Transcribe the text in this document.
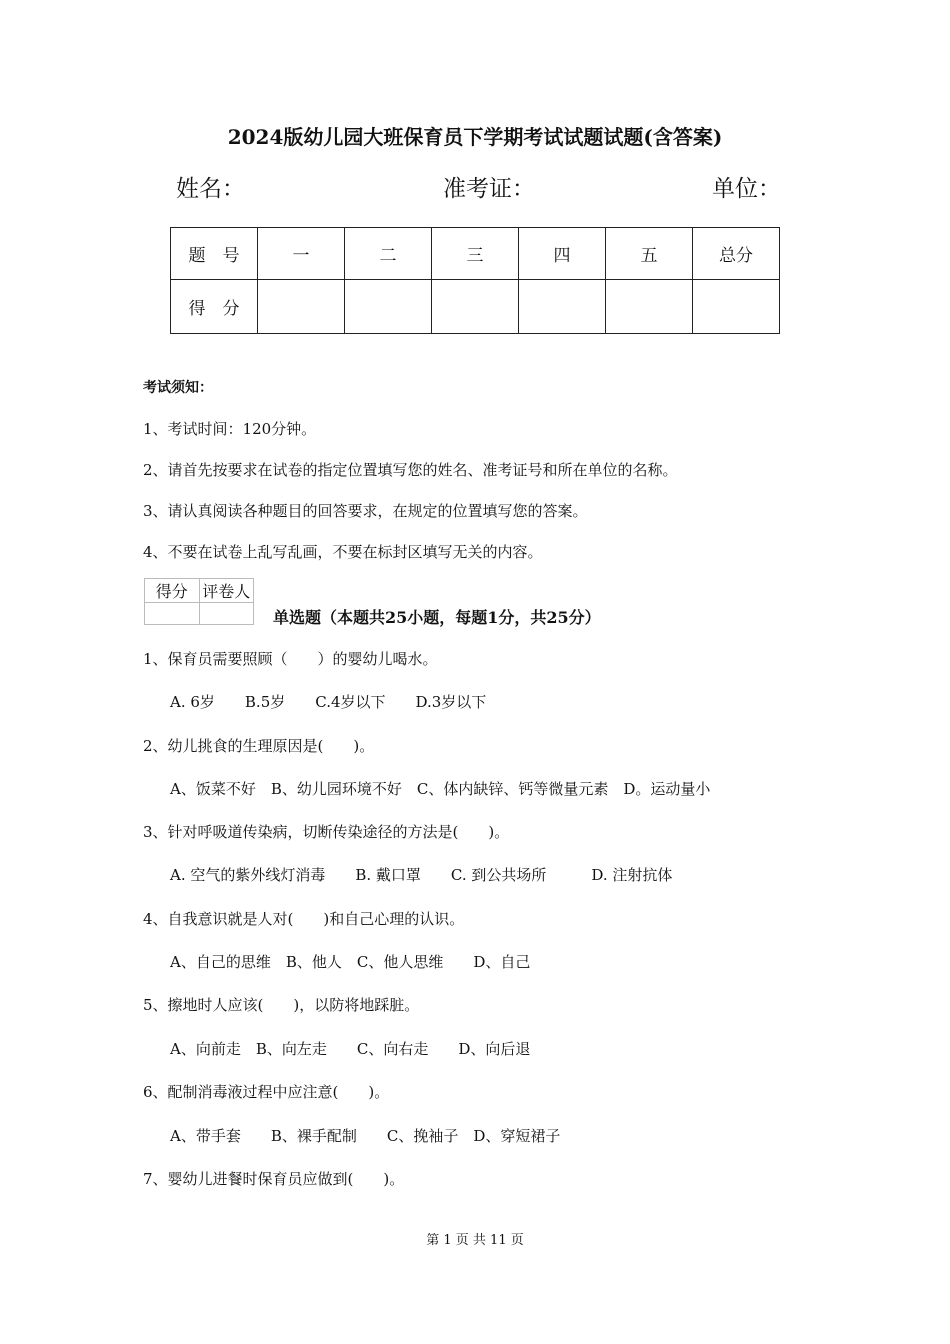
2024版幼儿园大班保育员下学期考试试题试题(含答案)
姓名：	准考证：	单位：
题　号	一	二	三	四	五	总分
得　分						
考试须知：
1、考试时间：120分钟。
2、请首先按要求在试卷的指定位置填写您的姓名、准考证号和所在单位的名称。
3、请认真阅读各种题目的回答要求，在规定的位置填写您的答案。
4、不要在试卷上乱写乱画，不要在标封区填写无关的内容。
得分	评卷人

单选题（本题共25小题，每题1分，共25分）
1、保育员需要照顾（　　）的婴幼儿喝水。
A. 6岁　　B.5岁　　C.4岁以下　　D.3岁以下
2、幼儿挑食的生理原因是(　　)。
A、饭菜不好　B、幼儿园环境不好　C、体内缺锌、钙等微量元素　D。运动量小
3、针对呼吸道传染病，切断传染途径的方法是(　　)。
A. 空气的紫外线灯消毒　　B. 戴口罩　　C. 到公共场所　　　D. 注射抗体
4、自我意识就是人对(　　)和自己心理的认识。
A、自己的思维　B、他人　C、他人思维　　D、自己
5、擦地时人应该(　　)，以防将地踩脏。
A、向前走　B、向左走　　C、向右走　　D、向后退
6、配制消毒液过程中应注意(　　)。
A、带手套　　B、裸手配制　　C、挽袖子　D、穿短裙子
7、婴幼儿进餐时保育员应做到(　　)。
第 1 页 共 11 页
